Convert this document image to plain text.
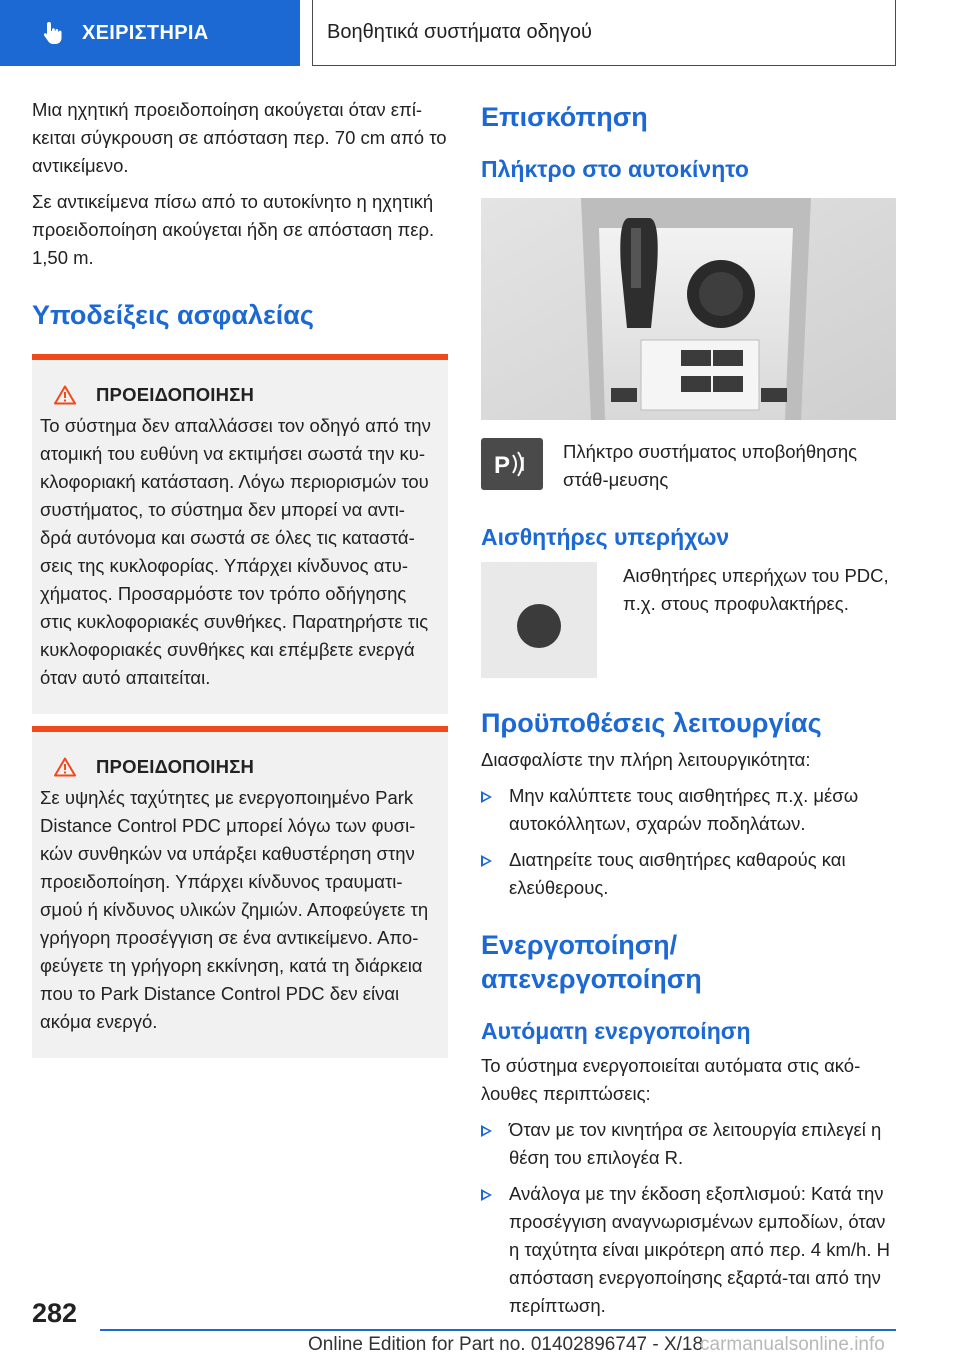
ΧΕΙΡΙΣΤΗΡΙΑ	Βοηθητικά συστήματα οδηγού

Μια ηχητική προειδοποίηση ακούγεται όταν επί-κειται σύγκρουση σε απόσταση περ. 70 cm από το αντικείμενο.

Σε αντικείμενα πίσω από το αυτοκίνητο η ηχητική προειδοποίηση ακούγεται ήδη σε απόσταση περ. 1,50 m.

Υποδείξεις ασφαλείας
ΠΡΟΕΙΔΟΠΟΙΗΣΗ

Το σύστημα δεν απαλλάσσει τον οδηγό από την ατομική του ευθύνη να εκτιμήσει σωστά την κυ-κλοφοριακή κατάσταση. Λόγω περιορισμών του συστήματος, το σύστημα δεν μπορεί να αντι-δρά αυτόνομα και σωστά σε όλες τις καταστά-σεις της κυκλοφορίας. Υπάρχει κίνδυνος ατυ-χήματος. Προσαρμόστε τον τρόπο οδήγησης στις κυκλοφοριακές συνθήκες. Παρατηρήστε τις κυκλοφοριακές συνθήκες και επέμβετε ενεργά όταν αυτό απαιτείται.

ΠΡΟΕΙΔΟΠΟΙΗΣΗ

Σε υψηλές ταχύτητες με ενεργοποιημένο Park Distance Control PDC μπορεί λόγω των φυσι-κών συνθηκών να υπάρξει καθυστέρηση στην προειδοποίηση. Υπάρχει κίνδυνος τραυματι-σμού ή κίνδυνος υλικών ζημιών. Αποφεύγετε τη γρήγορη προσέγγιση σε ένα αντικείμενο. Απο-φεύγετε τη γρήγορη εκκίνηση, κατά τη διάρκεια που το Park Distance Control PDC δεν είναι ακόμα ενεργό.

Επισκόπηση
Πλήκτρο στο αυτοκίνητο
P

Πλήκτρο συστήματος υποβοήθησης στάθ-μευσης

Αισθητήρες υπερήχων

Αισθητήρες υπερήχων του PDC, π.χ. στους προφυλακτήρες.

Προϋποθέσεις λειτουργίας

Διασφαλίστε την πλήρη λειτουργικότητα:

Μην καλύπτετε τους αισθητήρες π.χ. μέσω αυτοκόλλητων, σχαρών ποδηλάτων.
Διατηρείτε τους αισθητήρες καθαρούς και ελεύθερους.
Ενεργοποίηση/απενεργοποίηση
Αυτόματη ενεργοποίηση

Το σύστημα ενεργοποιείται αυτόματα στις ακό-λουθες περιπτώσεις:

Όταν με τον κινητήρα σε λειτουργία επιλεγεί η θέση του επιλογέα R.
Ανάλογα με την έκδοση εξοπλισμού: Κατά την προσέγγιση αναγνωρισμένων εμποδίων, όταν η ταχύτητα είναι μικρότερη από περ. 4 km/h. Η απόσταση ενεργοποίησης εξαρτά-ται από την περίπτωση.
282
Online Edition for Part no. 01402896747 - X/18
carmanualsonline.info
